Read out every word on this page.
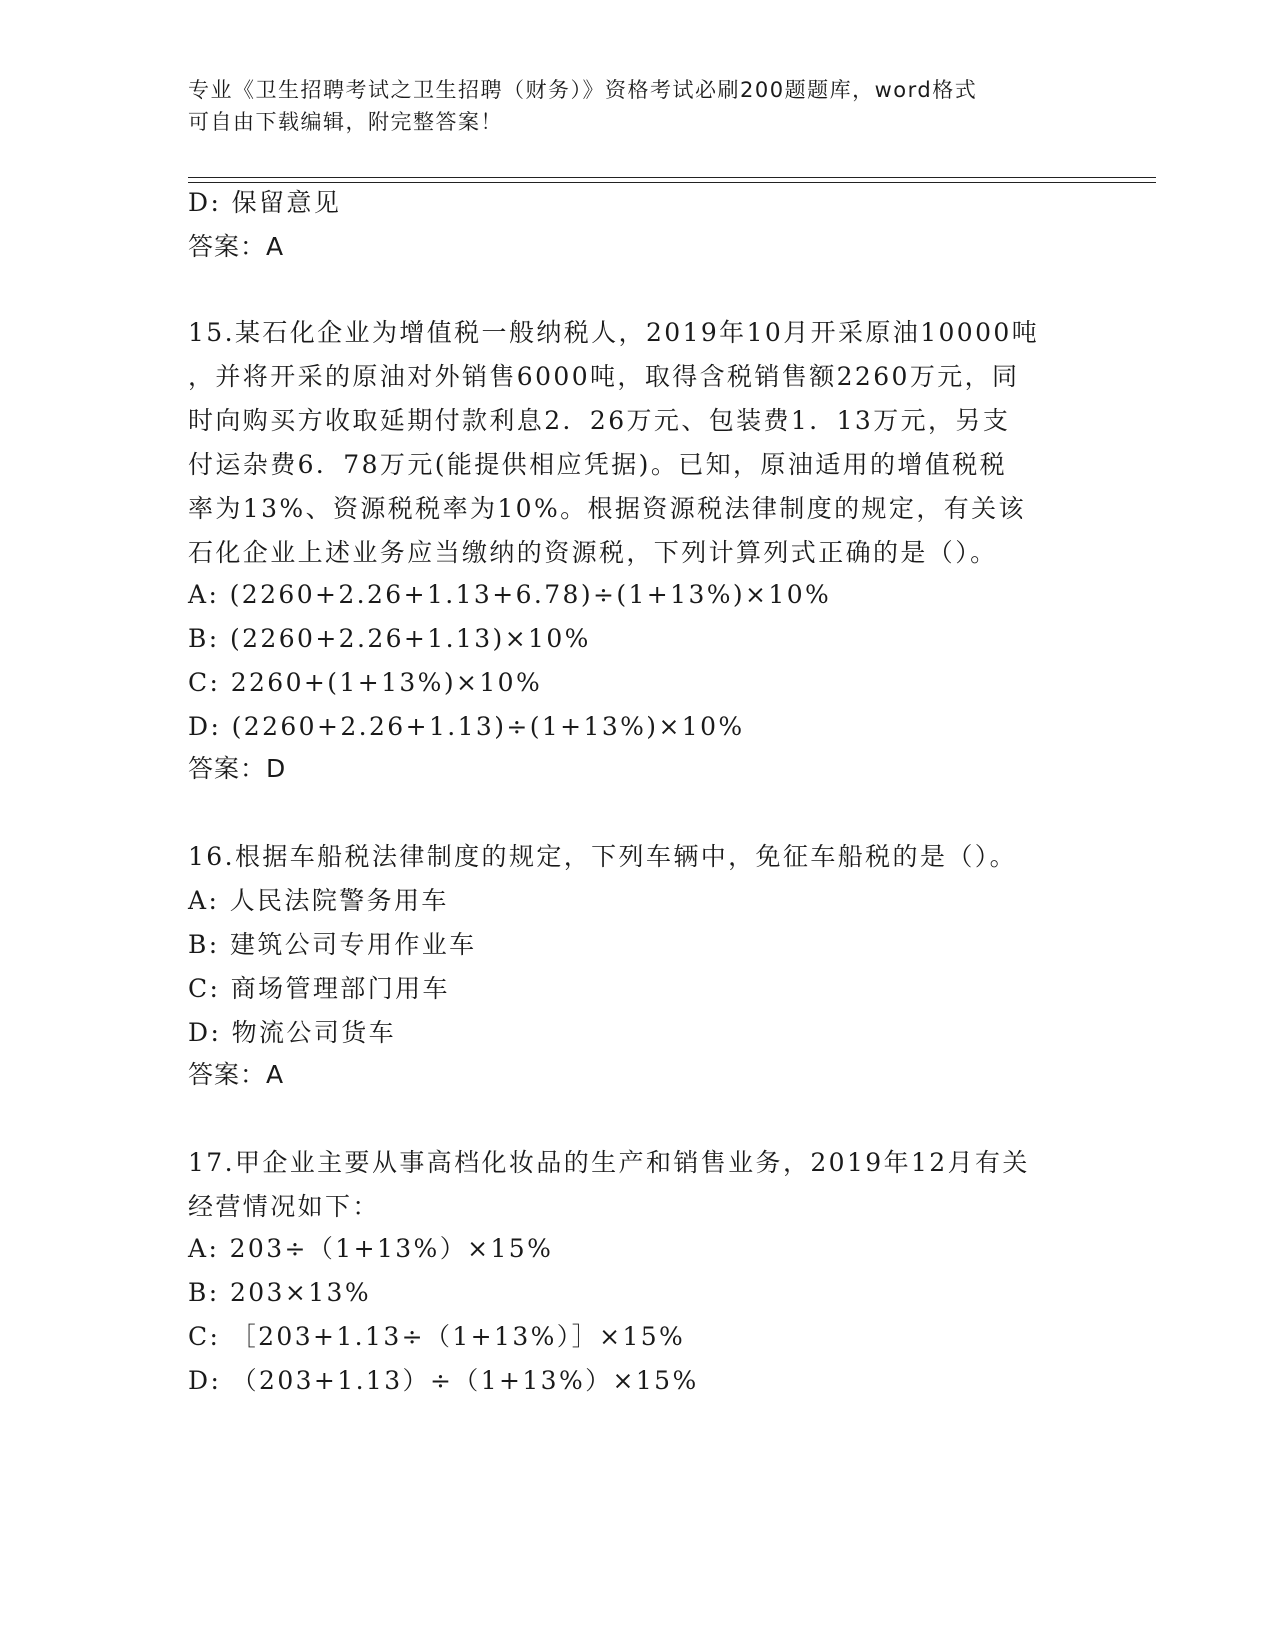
专业《卫生招聘考试之卫生招聘（财务）》资格考试必刷200题题库，word格式
可自由下载编辑，附完整答案！
D: 保留意见
答案：A
15.某石化企业为增值税一般纳税人，2019年10月开采原油10000吨
，并将开采的原油对外销售6000吨，取得含税销售额2260万元，同
时向购买方收取延期付款利息2．26万元、包装费1．13万元，另支
付运杂费6．78万元(能提供相应凭据)。已知，原油适用的增值税税
率为13%、资源税税率为10%。根据资源税法律制度的规定，有关该
石化企业上述业务应当缴纳的资源税，下列计算列式正确的是（）。
A: (2260+2.26+1.13+6.78)÷(1+13%)×10%
B: (2260+2.26+1.13)×10%
C: 2260+(1+13%)×10%
D: (2260+2.26+1.13)÷(1+13%)×10%
答案：D
16.根据车船税法律制度的规定，下列车辆中，免征车船税的是（）。
A: 人民法院警务用车
B: 建筑公司专用作业车
C: 商场管理部门用车
D: 物流公司货车
答案：A
17.甲企业主要从事高档化妆品的生产和销售业务，2019年12月有关
经营情况如下：
A: 203÷（1+13%）×15%
B: 203×13%
C: ［203+1.13÷（1+13%）］×15%
D: （203+1.13）÷（1+13%）×15%
